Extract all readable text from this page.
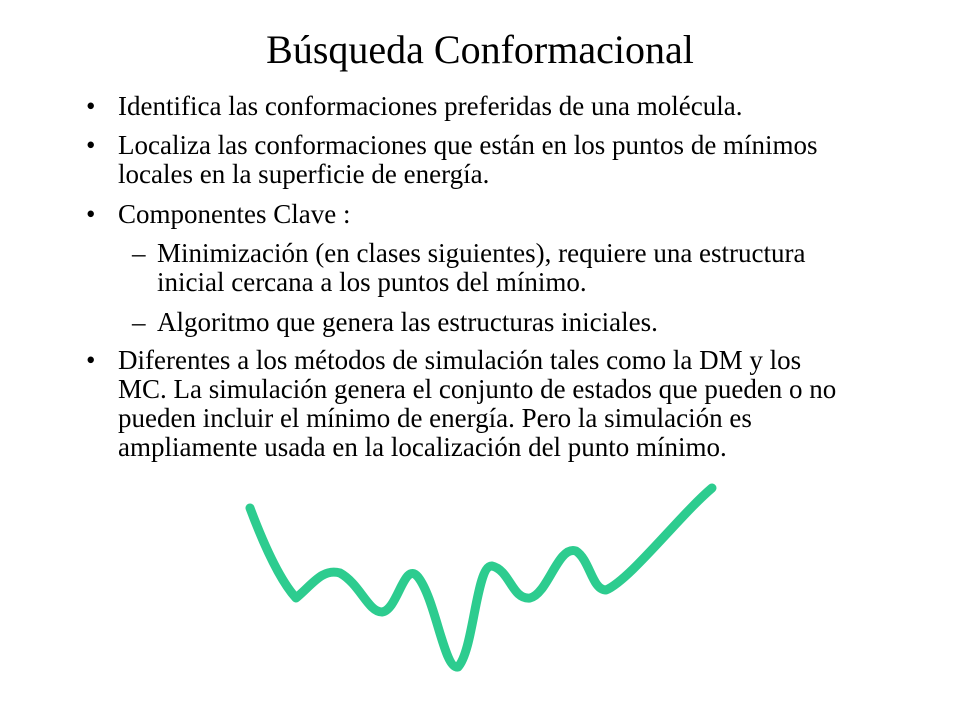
Búsqueda Conformacional
• Identifica las conformaciones preferidas de una molécula.
• Localiza las conformaciones que están en los puntos de mínimos locales en la superficie de energía.
• Componentes Clave :
– Minimización (en clases siguientes), requiere una estructura inicial cercana a los puntos del mínimo.
– Algoritmo que genera las estructuras iniciales.
• Diferentes a los métodos de simulación tales como la DM y los MC. La simulación genera el conjunto de estados que pueden o no pueden incluir el mínimo de energía. Pero la simulación es ampliamente usada en la localización del punto mínimo.
